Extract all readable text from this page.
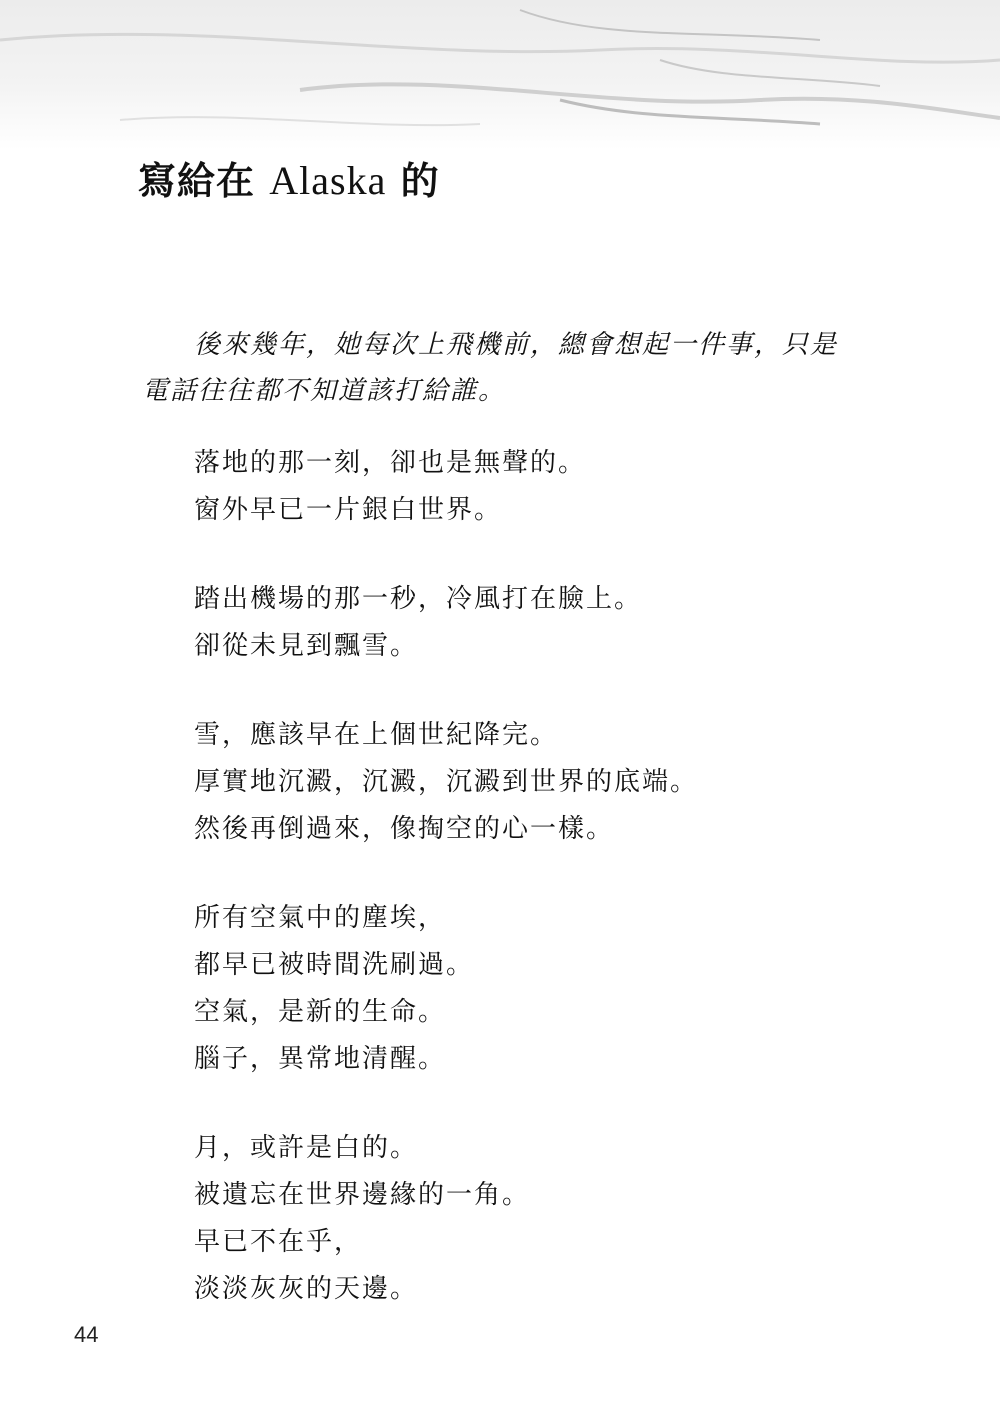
寫給在 Alaska 的
後來幾年，她每次上飛機前，總會想起一件事，只是
電話往往都不知道該打給誰。
落地的那一刻，卻也是無聲的。
窗外早已一片銀白世界。
踏出機場的那一秒，冷風打在臉上。
卻從未見到飄雪。
雪，應該早在上個世紀降完。
厚實地沉澱，沉澱，沉澱到世界的底端。
然後再倒過來，像掏空的心一樣。
所有空氣中的塵埃，
都早已被時間洗刷過。
空氣，是新的生命。
腦子，異常地清醒。
月，或許是白的。
被遺忘在世界邊緣的一角。
早已不在乎，
淡淡灰灰的天邊。
44
